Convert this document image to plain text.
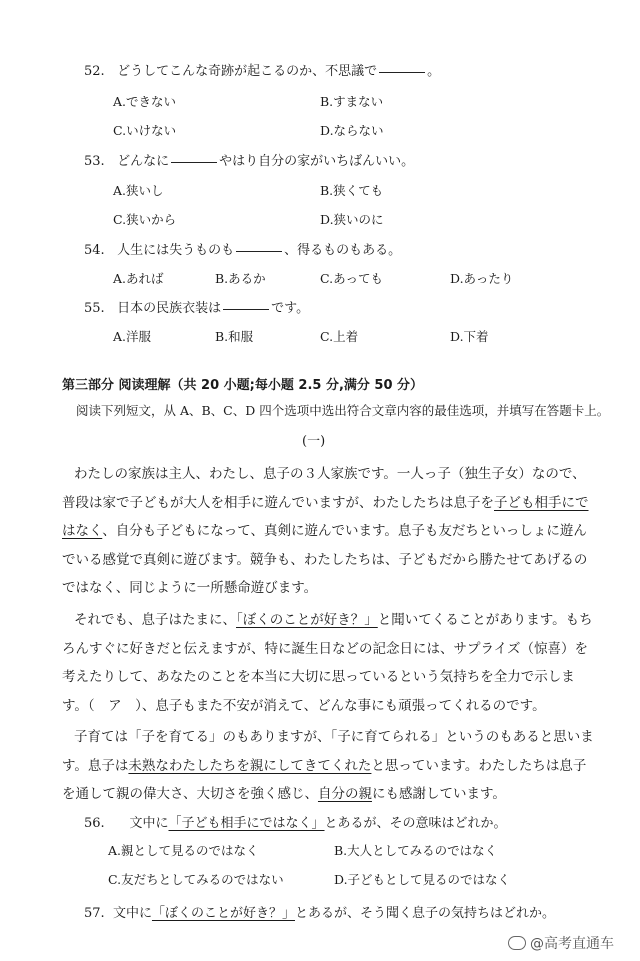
52. どうしてこんな奇跡が起こるのか、不思議で	。
A.できない	B.すまない
C.いけない	D.ならない
53. どんなに	やはり自分の家がいちばんいい。
A.狭いし	B.狭くても
C.狭いから	D.狭いのに
54. 人生には失うものも	、得るものもある。
A.あれば	B.あるか	C.あっても	D.あったり
55. 日本の民族衣装は	です。
A.洋服	B.和服	C.上着	D.下着
第三部分 阅读理解（共 20 小题;每小题 2.5 分,满分 50 分）
阅读下列短文，从 A、B、C、D 四个选项中选出符合文章内容的最佳选项，并填写在答题卡上。
(一)
わたしの家族は主人、わたし、息子の３人家族です。一人っ子（独生子女）なので、
普段は家で子どもが大人を相手に遊んでいますが、わたしたちは息子を子ども相手にで
はなく、自分も子どもになって、真剣に遊んでいます。息子も友だちといっしょに遊ん
でいる感覚で真剣に遊びます。競争も、わたしたちは、子どもだから勝たせてあげるの
ではなく、同じように一所懸命遊びます。
それでも、息子はたまに、「ぼくのことが好き？」と聞いてくることがあります。もち
ろんすぐに好きだと伝えますが、特に誕生日などの記念日には、サプライズ（惊喜）を
考えたりして、あなたのことを本当に大切に思っているという気持ちを全力で示しま
す。（　ア　）、息子もまた不安が消えて、どんな事にも頑張ってくれるのです。
子育ては「子を育てる」のもありますが、「子に育てられる」というのもあると思いま
す。息子は未熟なわたしたちを親にしてきてくれたと思っています。わたしたちは息子
を通して親の偉大さ、大切さを強く感じ、自分の親にも感謝しています。
56. 文中に「子ども相手にではなく」とあるが、その意味はどれか。
A.親として見るのではなく	B.大人としてみるのではなく
C.友だちとしてみるのではない	D.子どもとして見るのではなく
57. 文中に「ぼくのことが好き？」とあるが、そう聞く息子の気持ちはどれか。
@高考直通车
